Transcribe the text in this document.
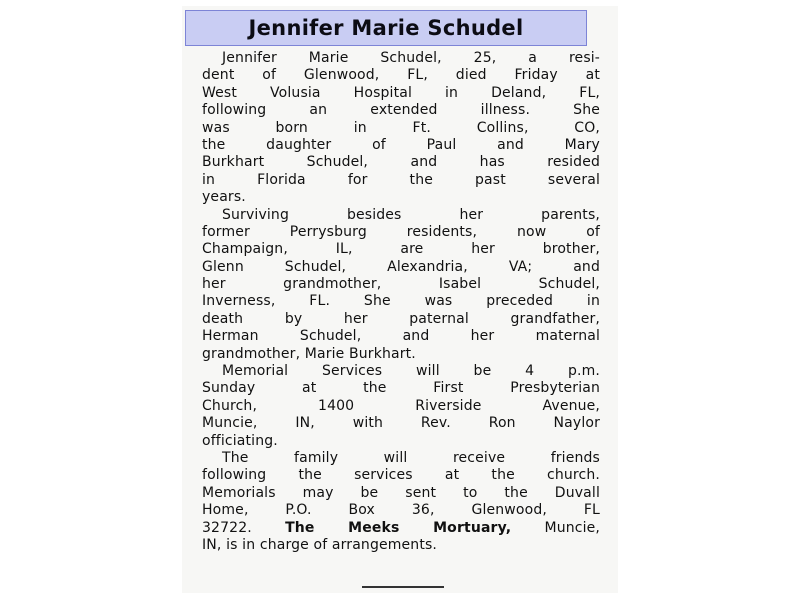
Jennifer Marie Schudel
Jennifer Marie Schudel, 25, a resi-
dent of Glenwood, FL, died Friday at
West Volusia Hospital in Deland, FL,
following an extended illness. She
was born in Ft. Collins, CO,
the daughter of Paul and Mary
Burkhart Schudel, and has resided
in Florida for the past several
years.
Surviving besides her parents,
former Perrysburg residents, now of
Champaign, IL, are her brother,
Glenn Schudel, Alexandria, VA; and
her grandmother, Isabel Schudel,
Inverness, FL. She was preceded in
death by her paternal grandfather,
Herman Schudel, and her maternal
grandmother, Marie Burkhart.
Memorial Services will be 4 p.m.
Sunday at the First Presbyterian
Church, 1400 Riverside Avenue,
Muncie, IN, with Rev. Ron Naylor
officiating.
The family will receive friends
following the services at the church.
Memorials may be sent to the Duvall
Home, P.O. Box 36, Glenwood, FL
32722. The Meeks Mortuary, Muncie,
IN, is in charge of arrangements.
